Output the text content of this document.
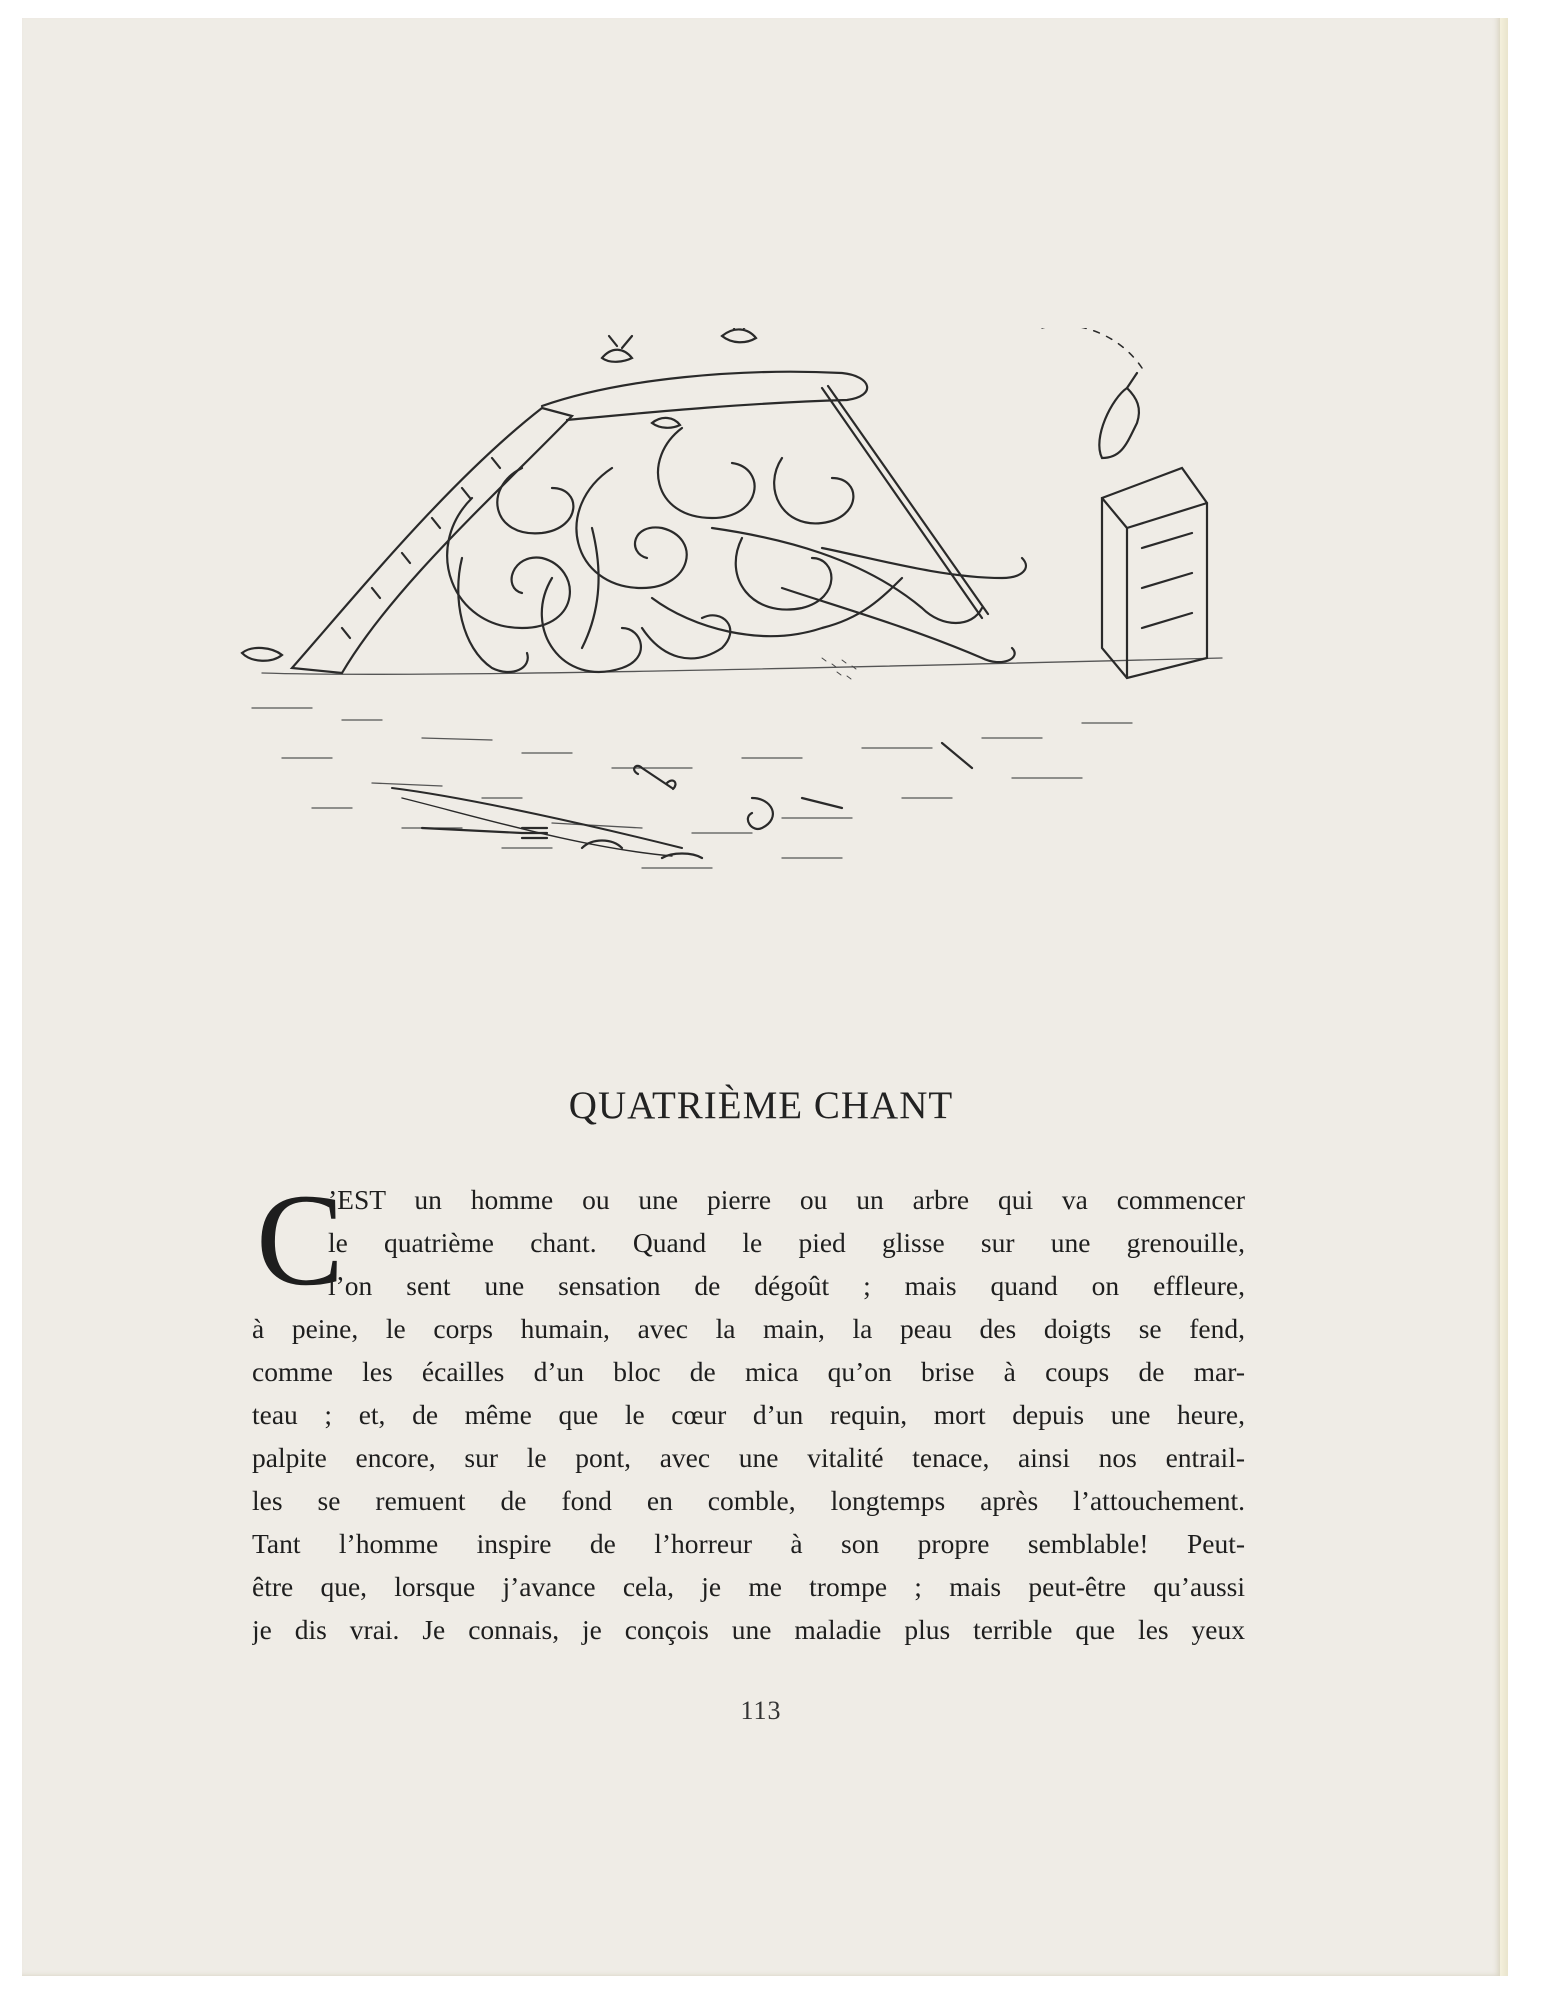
QUATRIÈME CHANT
C
’EST un homme ou une pierre ou un arbre qui va commencer
le quatrième chant. Quand le pied glisse sur une grenouille,
l’on sent une sensation de dégoût ; mais quand on effleure,
à peine, le corps humain, avec la main, la peau des doigts se fend,
comme les écailles d’un bloc de mica qu’on brise à coups de mar-
teau ; et, de même que le cœur d’un requin, mort depuis une heure,
palpite encore, sur le pont, avec une vitalité tenace, ainsi nos entrail-
les se remuent de fond en comble, longtemps après l’attouchement.
Tant l’homme inspire de l’horreur à son propre semblable! Peut-
être que, lorsque j’avance cela, je me trompe ; mais peut-être qu’aussi
je dis vrai. Je connais, je conçois une maladie plus terrible que les yeux
113
